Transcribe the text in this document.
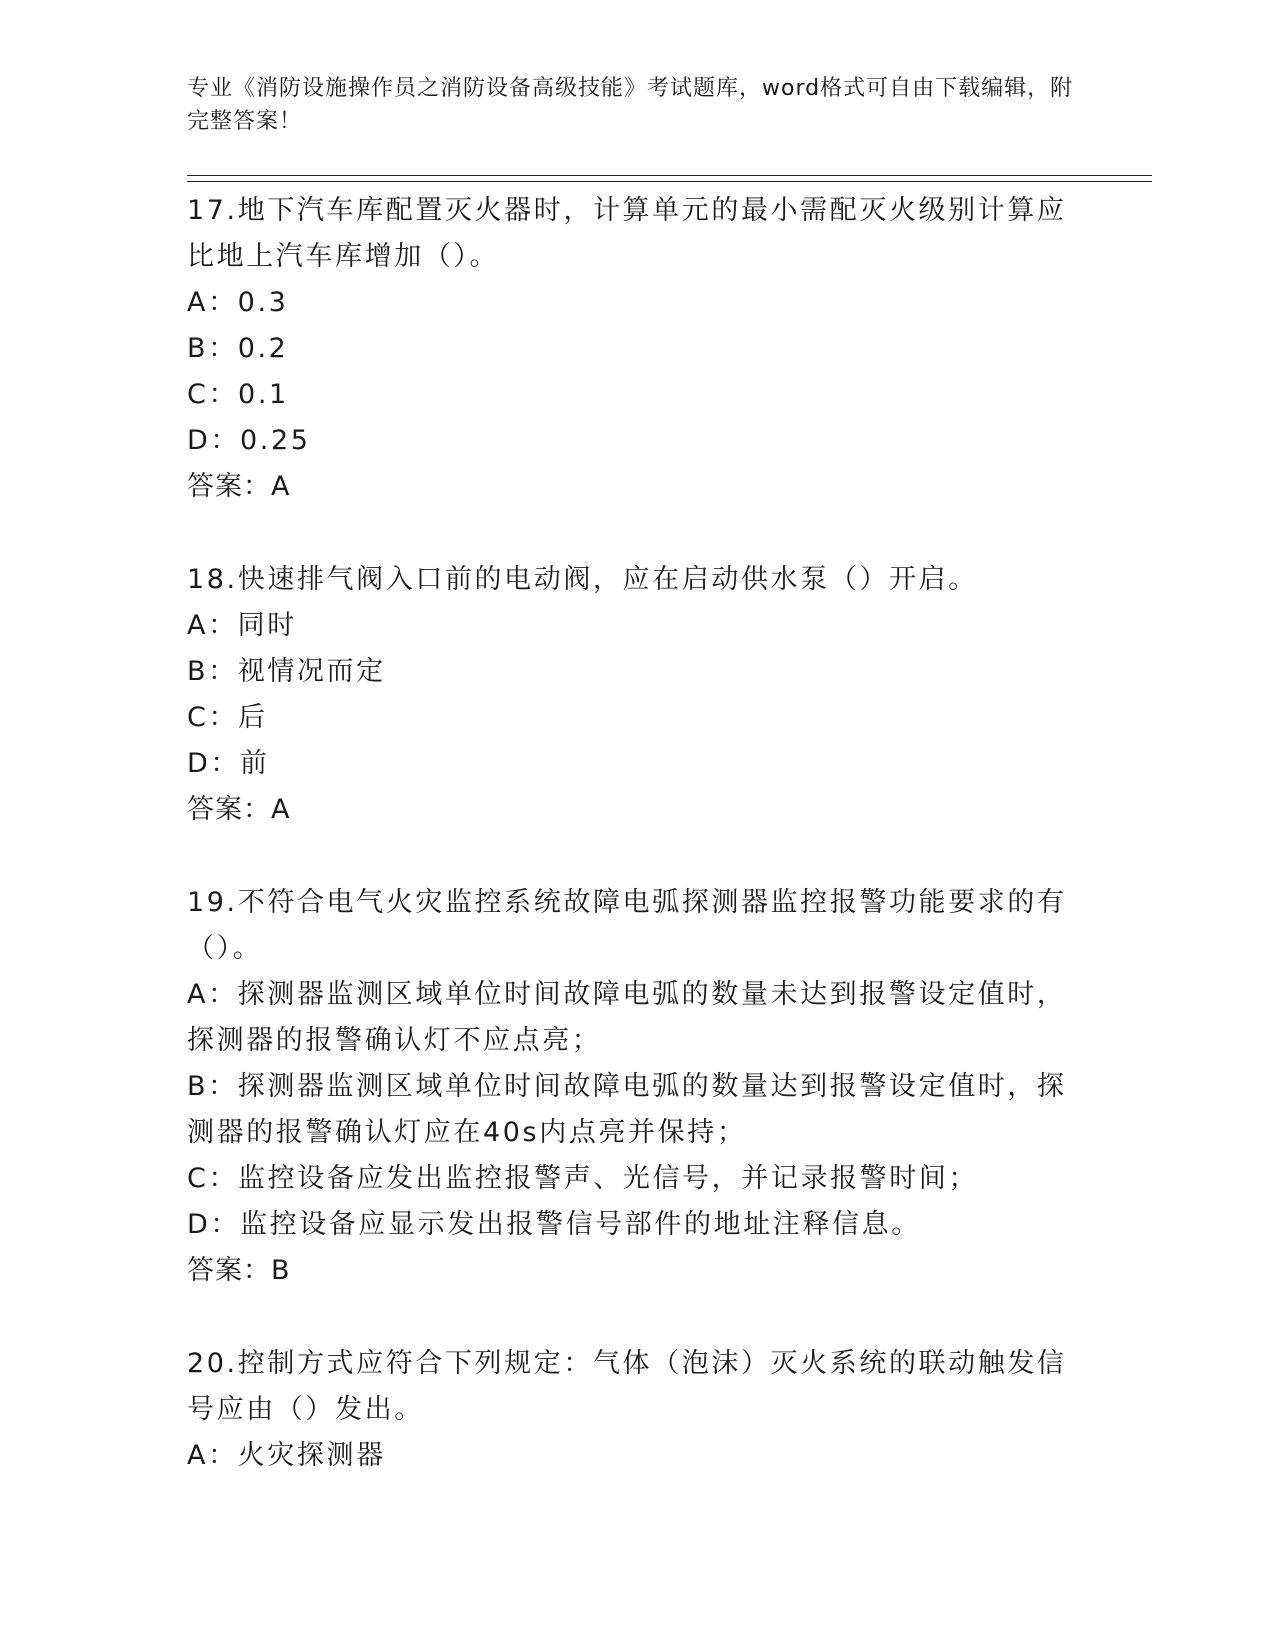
专业《消防设施操作员之消防设备高级技能》考试题库，word格式可自由下载编辑，附完整答案！

17.地下汽车库配置灭火器时，计算单元的最小需配灭火级别计算应比地上汽车库增加（）。

A：0.3

B：0.2

C：0.1

D：0.25

答案：A

18.快速排气阀入口前的电动阀，应在启动供水泵（）开启。

A：同时

B：视情况而定

C：后

D：前

答案：A

19.不符合电气火灾监控系统故障电弧探测器监控报警功能要求的有（）。

A：探测器监测区域单位时间故障电弧的数量未达到报警设定值时，探测器的报警确认灯不应点亮；

B：探测器监测区域单位时间故障电弧的数量达到报警设定值时，探测器的报警确认灯应在40s内点亮并保持；

C：监控设备应发出监控报警声、光信号，并记录报警时间；

D：监控设备应显示发出报警信号部件的地址注释信息。

答案：B

20.控制方式应符合下列规定：气体（泡沫）灭火系统的联动触发信号应由（）发出。

A：火灾探测器
